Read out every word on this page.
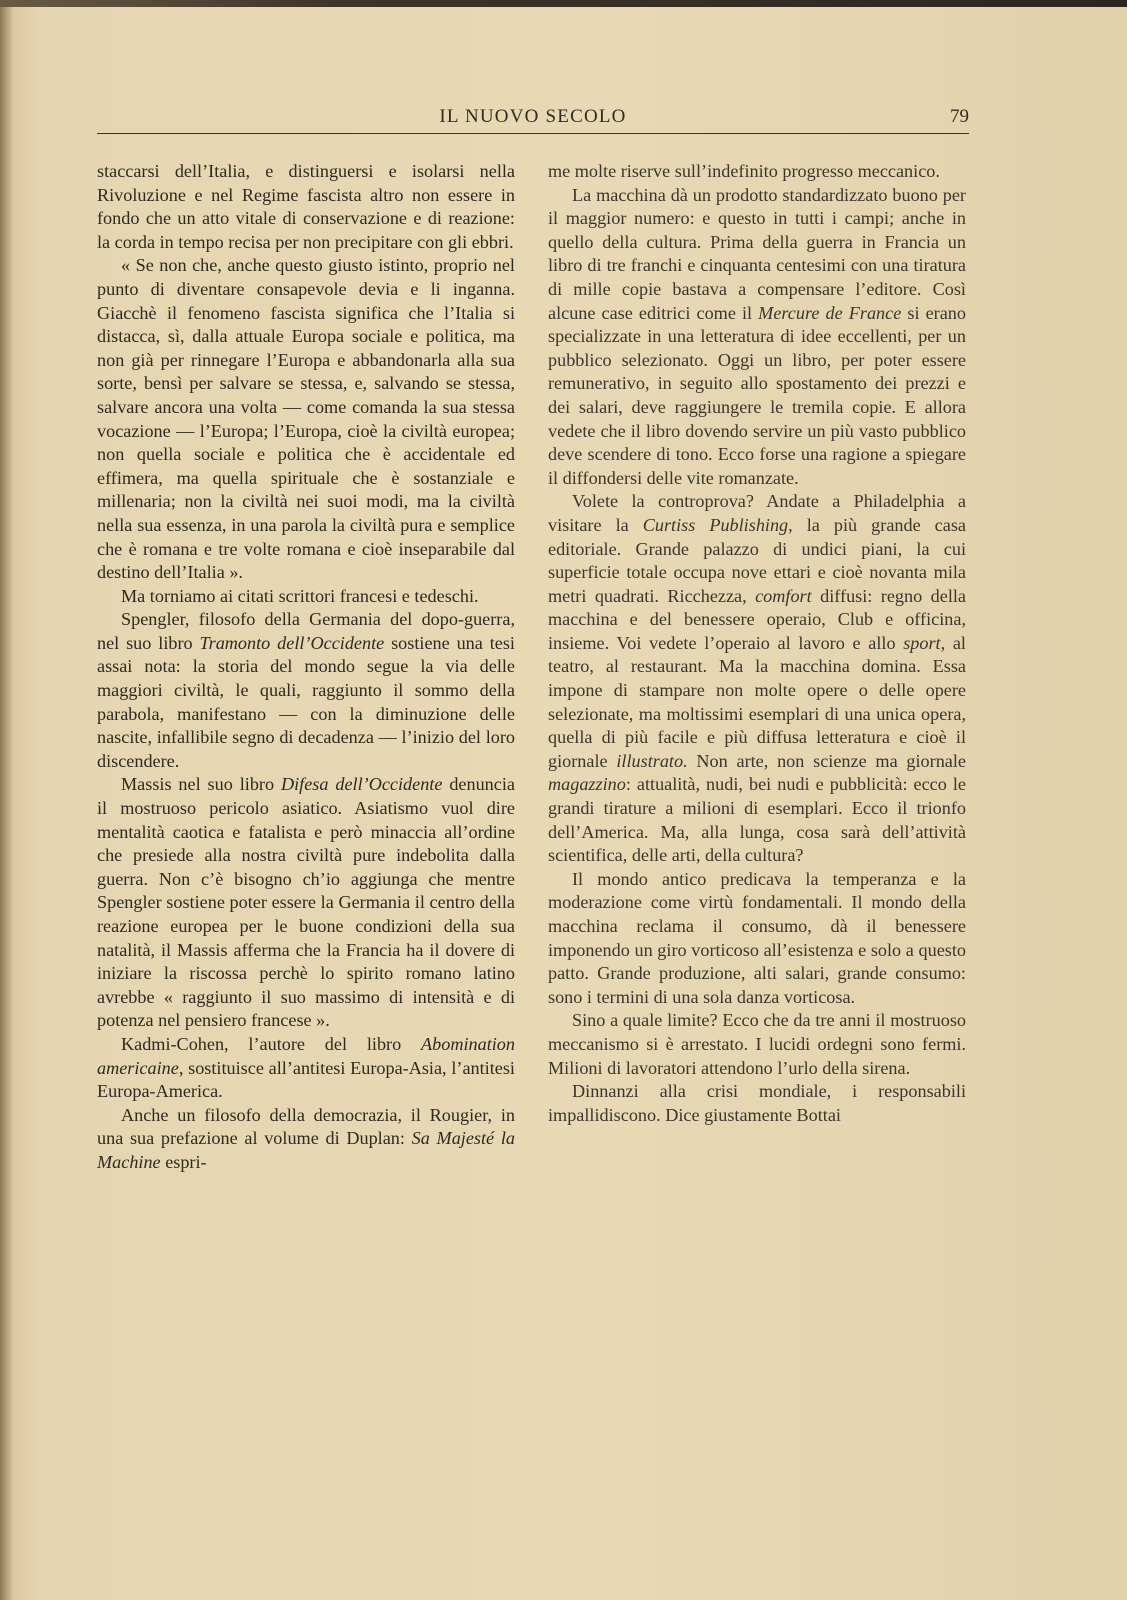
IL NUOVO SECOLO	79

staccarsi dell’Italia, e distinguersi e isolarsi nella Rivoluzione e nel Regime fascista altro non essere in fondo che un atto vitale di conservazione e di reazione: la corda in tempo recisa per non precipitare con gli ebbri.

« Se non che, anche questo giusto istinto, proprio nel punto di diventare consapevole devia e li inganna. Giacchè il fenomeno fascista significa che l’Italia si distacca, sì, dalla attuale Europa sociale e politica, ma non già per rinnegare l’Europa e abbandonarla alla sua sorte, bensì per salvare se stessa, e, salvando se stessa, salvare ancora una volta — come comanda la sua stessa vocazione — l’Europa; l’Europa, cioè la civiltà europea; non quella sociale e politica che è accidentale ed effimera, ma quella spirituale che è sostanziale e millenaria; non la civiltà nei suoi modi, ma la civiltà nella sua essenza, in una parola la civiltà pura e semplice che è romana e tre volte romana e cioè inseparabile dal destino dell’Italia ».

Ma torniamo ai citati scrittori francesi e tedeschi.

Spengler, filosofo della Germania del dopo-guerra, nel suo libro Tramonto dell’Occidente sostiene una tesi assai nota: la storia del mondo segue la via delle maggiori civiltà, le quali, raggiunto il sommo della parabola, manifestano — con la diminuzione delle nascite, infallibile segno di decadenza — l’inizio del loro discendere.

Massis nel suo libro Difesa dell’Occidente denuncia il mostruoso pericolo asiatico. Asiatismo vuol dire mentalità caotica e fatalista e però minaccia all’ordine che presiede alla nostra civiltà pure indebolita dalla guerra. Non c’è bisogno ch’io aggiunga che mentre Spengler sostiene poter essere la Germania il centro della reazione europea per le buone condizioni della sua natalità, il Massis afferma che la Francia ha il dovere di iniziare la riscossa perchè lo spirito romano latino avrebbe « raggiunto il suo massimo di intensità e di potenza nel pensiero francese ».

Kadmi-Cohen, l’autore del libro Abomination americaine, sostituisce all’antitesi Europa-Asia, l’antitesi Europa-America.

Anche un filosofo della democrazia, il Rougier, in una sua prefazione al volume di Duplan: Sa Majesté la Machine espri-

me molte riserve sull’indefinito progresso meccanico.

La macchina dà un prodotto standardizzato buono per il maggior numero: e questo in tutti i campi; anche in quello della cultura. Prima della guerra in Francia un libro di tre franchi e cinquanta centesimi con una tiratura di mille copie bastava a compensare l’editore. Così alcune case editrici come il Mercure de France si erano specializzate in una letteratura di idee eccellenti, per un pubblico selezionato. Oggi un libro, per poter essere remunerativo, in seguito allo spostamento dei prezzi e dei salari, deve raggiungere le tremila copie. E allora vedete che il libro dovendo servire un più vasto pubblico deve scendere di tono. Ecco forse una ragione a spiegare il diffondersi delle vite romanzate.

Volete la controprova? Andate a Philadelphia a visitare la Curtiss Publishing, la più grande casa editoriale. Grande palazzo di undici piani, la cui superficie totale occupa nove ettari e cioè novanta mila metri quadrati. Ricchezza, comfort diffusi: regno della macchina e del benessere operaio, Club e officina, insieme. Voi vedete l’operaio al lavoro e allo sport, al teatro, al restaurant. Ma la macchina domina. Essa impone di stampare non molte opere o delle opere selezionate, ma moltissimi esemplari di una unica opera, quella di più facile e più diffusa letteratura e cioè il giornale illustrato. Non arte, non scienze ma giornale magazzino: attualità, nudi, bei nudi e pubblicità: ecco le grandi tirature a milioni di esemplari. Ecco il trionfo dell’America. Ma, alla lunga, cosa sarà dell’attività scientifica, delle arti, della cultura?

Il mondo antico predicava la temperanza e la moderazione come virtù fondamentali. Il mondo della macchina reclama il consumo, dà il benessere imponendo un giro vorticoso all’esistenza e solo a questo patto. Grande produzione, alti salari, grande consumo: sono i termini di una sola danza vorticosa.

Sino a quale limite? Ecco che da tre anni il mostruoso meccanismo si è arrestato. I lucidi ordegni sono fermi. Milioni di lavoratori attendono l’urlo della sirena.

Dinnanzi alla crisi mondiale, i responsabili impallidiscono. Dice giustamente Bottai
